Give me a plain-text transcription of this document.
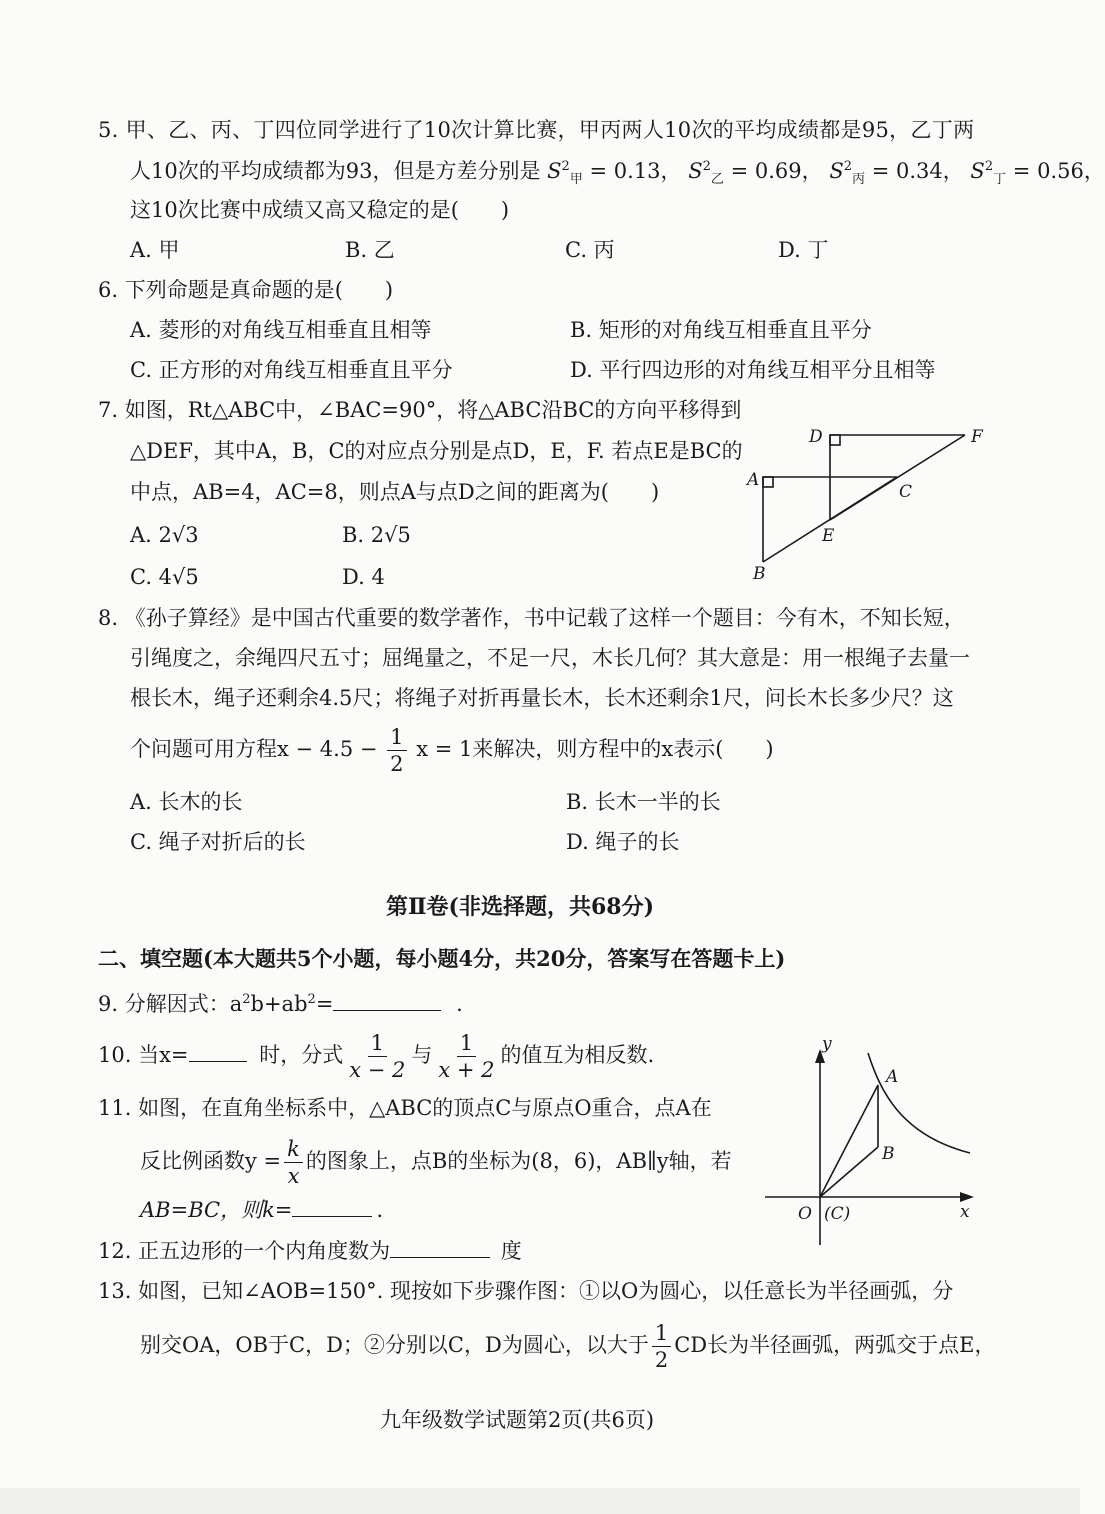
5. 甲、乙、丙、丁四位同学进行了10次计算比赛，甲丙两人10次的平均成绩都是95，乙丁两
人10次的平均成绩都为93，但是方差分别是 $S^2_甲 = 0.13$， $S^2_乙 = 0.69$， $S^2_丙 = 0.34$， $S^2_丁 = 0.56$，
这10次比赛中成绩又高又稳定的是(　　)
A. 甲	B. 乙	C. 丙	D. 丁
6. 下列命题是真命题的是(　　)
A. 菱形的对角线互相垂直且相等	B. 矩形的对角线互相垂直且平分
C. 正方形的对角线互相垂直且平分	D. 平行四边形的对角线互相平分且相等
7. 如图，Rt△ABC中，∠BAC=90°，将△ABC沿BC的方向平移得到
△DEF，其中A，B，C的对应点分别是点D，E，F. 若点E是BC的
中点，AB=4，AC=8，则点A与点D之间的距离为(　　)
A. 2√3	B. 2√5
C. 4√5	D. 4
D	F
A
C
E
B
8. 《孙子算经》是中国古代重要的数学著作，书中记载了这样一个题目：今有木，不知长短，
引绳度之，余绳四尺五寸；屈绳量之，不足一尺，木长几何？其大意是：用一根绳子去量一
根长木，绳子还剩余4.5尺；将绳子对折再量长木，长木还剩余1尺，问长木长多少尺？这
个问题可用方程$x - 4.5 - \frac{1}{2}$ x = 1来解决，则方程中的x表示(　　)
A. 长木的长	B. 长木一半的长
C. 绳子对折后的长	D. 绳子的长
第Ⅱ卷(非选择题，共68分)
二、填空题(本大题共5个小题，每小题4分，共20分，答案写在答题卡上)
9. 分解因式：$a^2b+ab^2=$	.
10. 当x=	时，分式 $\frac{1}{x - 2}$ 与 $\frac{1}{x + 2}$ 的值互为相反数.
11. 如图，在直角坐标系中，△ABC的顶点C与原点O重合，点A在
反比例函数$y = \frac{k}{x}$ 的图象上，点B的坐标为(8，6)，AB∥y轴，若
AB=BC，则k=	.
y
A
B
O (C)	x
12. 正五边形的一个内角度数为	度
13. 如图，已知∠AOB=150°. 现按如下步骤作图：①以O为圆心，以任意长为半径画弧，分
别交OA，OB于C，D；②分别以C，D为圆心，以大于 $\frac{1}{2}$ CD长为半径画弧，两弧交于点E，
九年级数学试题第2页(共6页)
